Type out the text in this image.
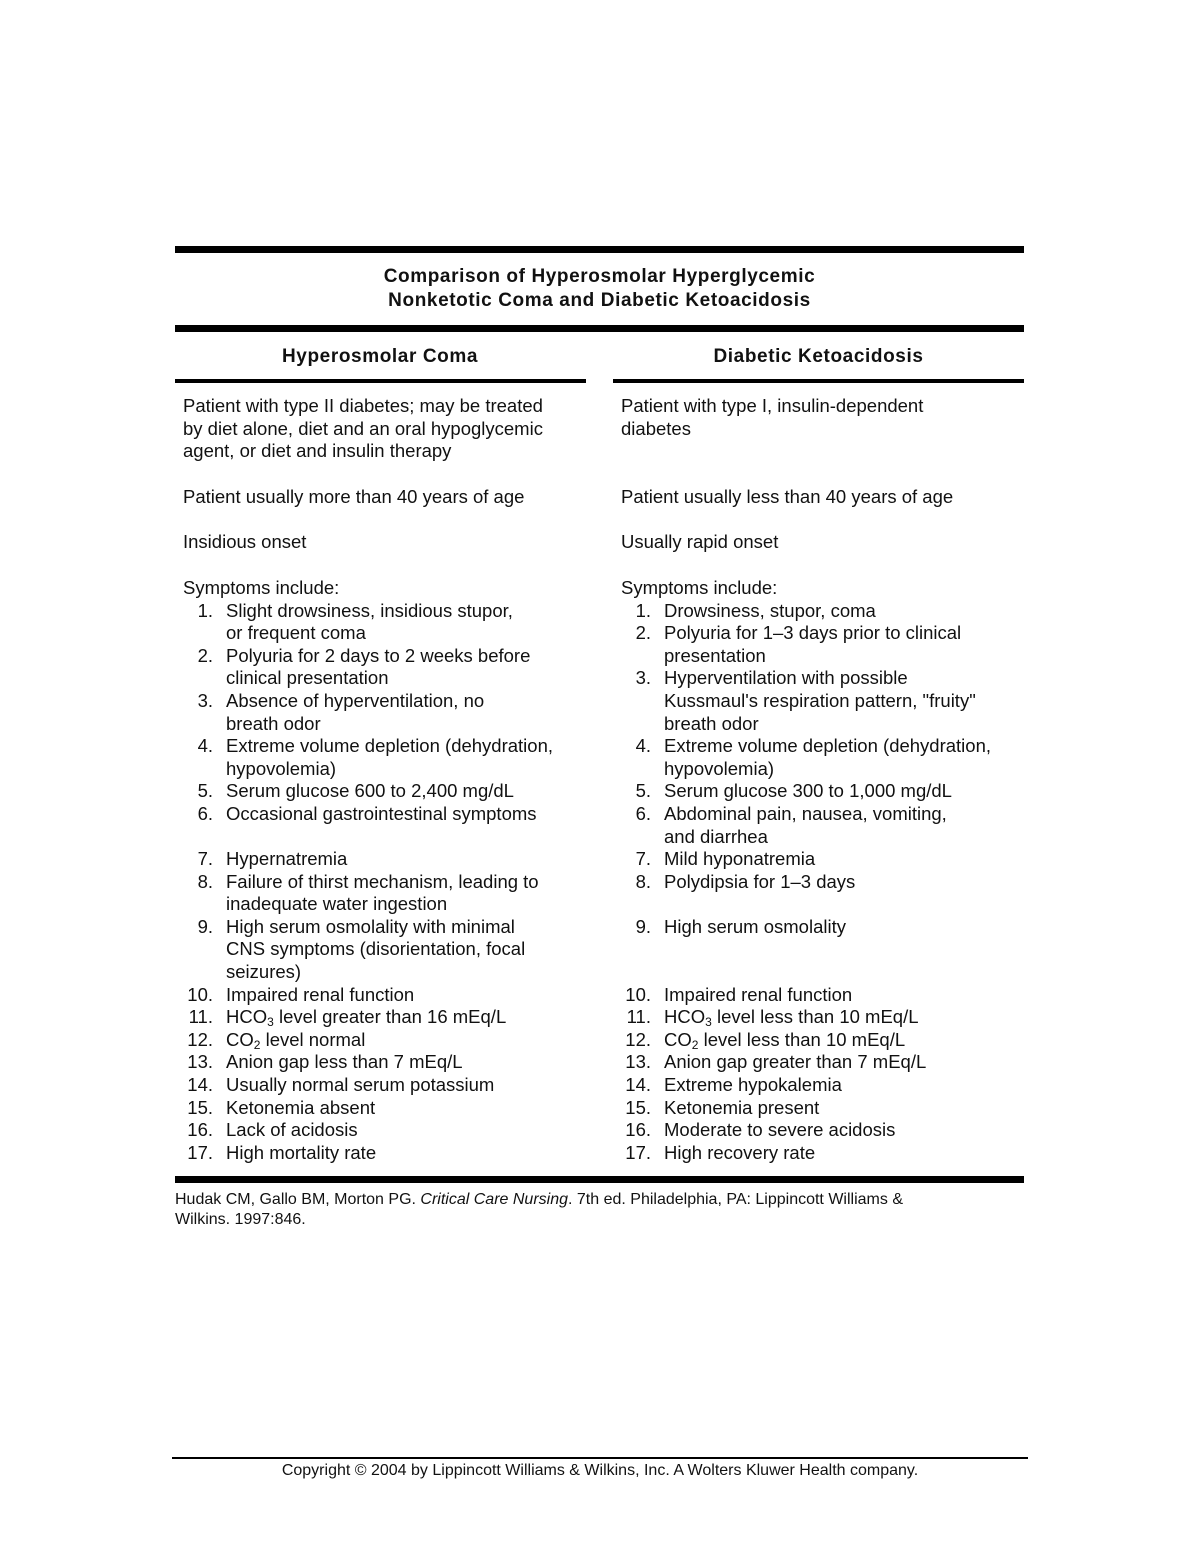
Comparison of Hyperosmolar Hyperglycemic
Nonketotic Coma and Diabetic Ketoacidosis
Hyperosmolar Coma	Diabetic Ketoacidosis

Patient with type II diabetes; may be treated

by diet alone, diet and an oral hypoglycemic

agent, or diet and insulin therapy

Patient usually more than 40 years of age

Insidious onset

Symptoms include:

1. Slight drowsiness, insidious stupor,
or frequent coma
2. Polyuria for 2 days to 2 weeks before
clinical presentation
3. Absence of hyperventilation, no
breath odor
4. Extreme volume depletion (dehydration,
hypovolemia)
5. Serum glucose 600 to 2,400 mg/dL
6. Occasional gastrointestinal symptoms

7. Hypernatremia
8. Failure of thirst mechanism, leading to
inadequate water ingestion
9. High serum osmolality with minimal
CNS symptoms (disorientation, focal
seizures)
10. Impaired renal function
11. $HCO_3$ level greater than 16 mEq/L
12. $CO_2$ level normal
13. Anion gap less than 7 mEq/L
14. Usually normal serum potassium
15. Ketonemia absent
16. Lack of acidosis
17. High mortality rate

Patient with type I, insulin-dependent

diabetes

Patient usually less than 40 years of age

Usually rapid onset

Symptoms include:

1. Drowsiness, stupor, coma
2. Polyuria for 1–3 days prior to clinical
presentation
3. Hyperventilation with possible
Kussmaul's respiration pattern, "fruity"
breath odor
4. Extreme volume depletion (dehydration,
hypovolemia)
5. Serum glucose 300 to 1,000 mg/dL
6. Abdominal pain, nausea, vomiting,
and diarrhea
7. Mild hyponatremia
8. Polydipsia for 1–3 days

9. High serum osmolality

10. Impaired renal function
11. $HCO_3$ level less than 10 mEq/L
12. $CO_2$ level less than 10 mEq/L
13. Anion gap greater than 7 mEq/L
14. Extreme hypokalemia
15. Ketonemia present
16. Moderate to severe acidosis
17. High recovery rate
Hudak CM, Gallo BM, Morton PG. Critical Care Nursing. 7th ed. Philadelphia, PA: Lippincott Williams &
Wilkins. 1997:846.
Copyright © 2004 by Lippincott Williams & Wilkins, Inc. A Wolters Kluwer Health company.
